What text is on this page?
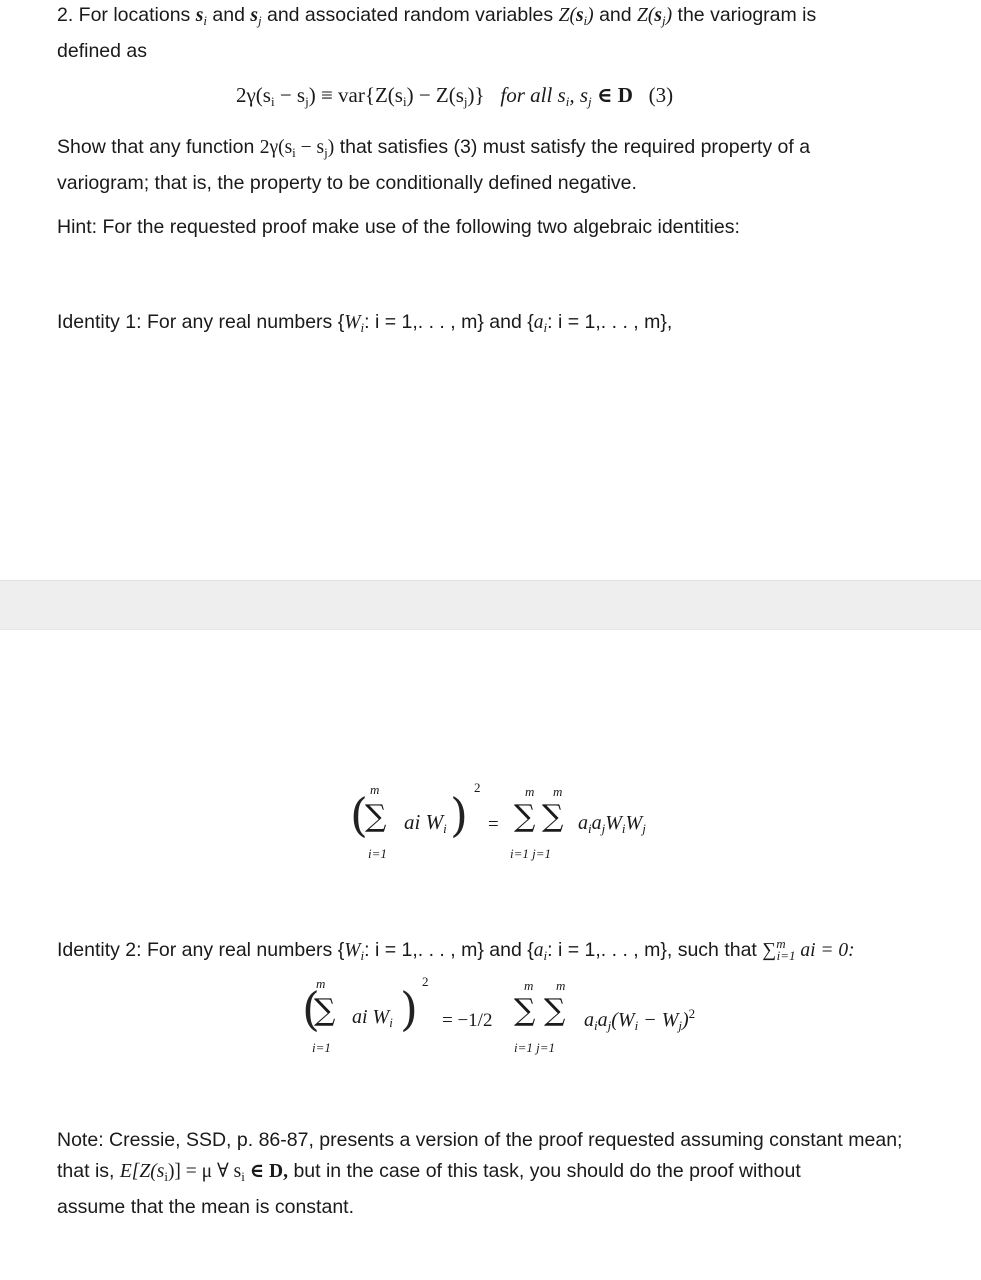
2. For locations $s_i$ and $s_j$ and associated random variables $Z(s_i)$ and $Z(s_j)$ the variogram is
defined as
$2\gamma(s_i - s_j) \equiv var\{Z(s_i) - Z(s_j)\}$ for all $s_i$, $s_j$ ∈ D (3)
Show that any function $2\gamma(s_i - s_j)$ that satisfies (3) must satisfy the required property of a
variogram; that is, the property to be conditionally defined negative.
Hint: For the requested proof make use of the following two algebraic identities:
Identity 1: For any real numbers {$W_i$: i = 1,. . . , m} and {$a_i$: i = 1,. . . , m},
( m
∑
i=1
ai $W_i$ )
2
=
m m
∑ ∑
i=1 j=1
$a_ia_jW_iW_j$
Identity 2: For any real numbers {$W_i$: i = 1,. . . , m} and {$a_i$: i = 1,. . . , m}, such that ∑$^m_{i=1}$ ai = 0:
(
m
∑
i=1
ai $W_i$ )
2
= −1/2
m m
∑ ∑
i=1 j=1
$a_ia_j(W_i - W_j)^2$
Note: Cressie, SSD, p. 86-87, presents a version of the proof requested assuming constant mean;
that is, $E[Z(s_i)] = \mu$ ∀ $s_i$ ∈ D, but in the case of this task, you should do the proof without
assume that the mean is constant.
